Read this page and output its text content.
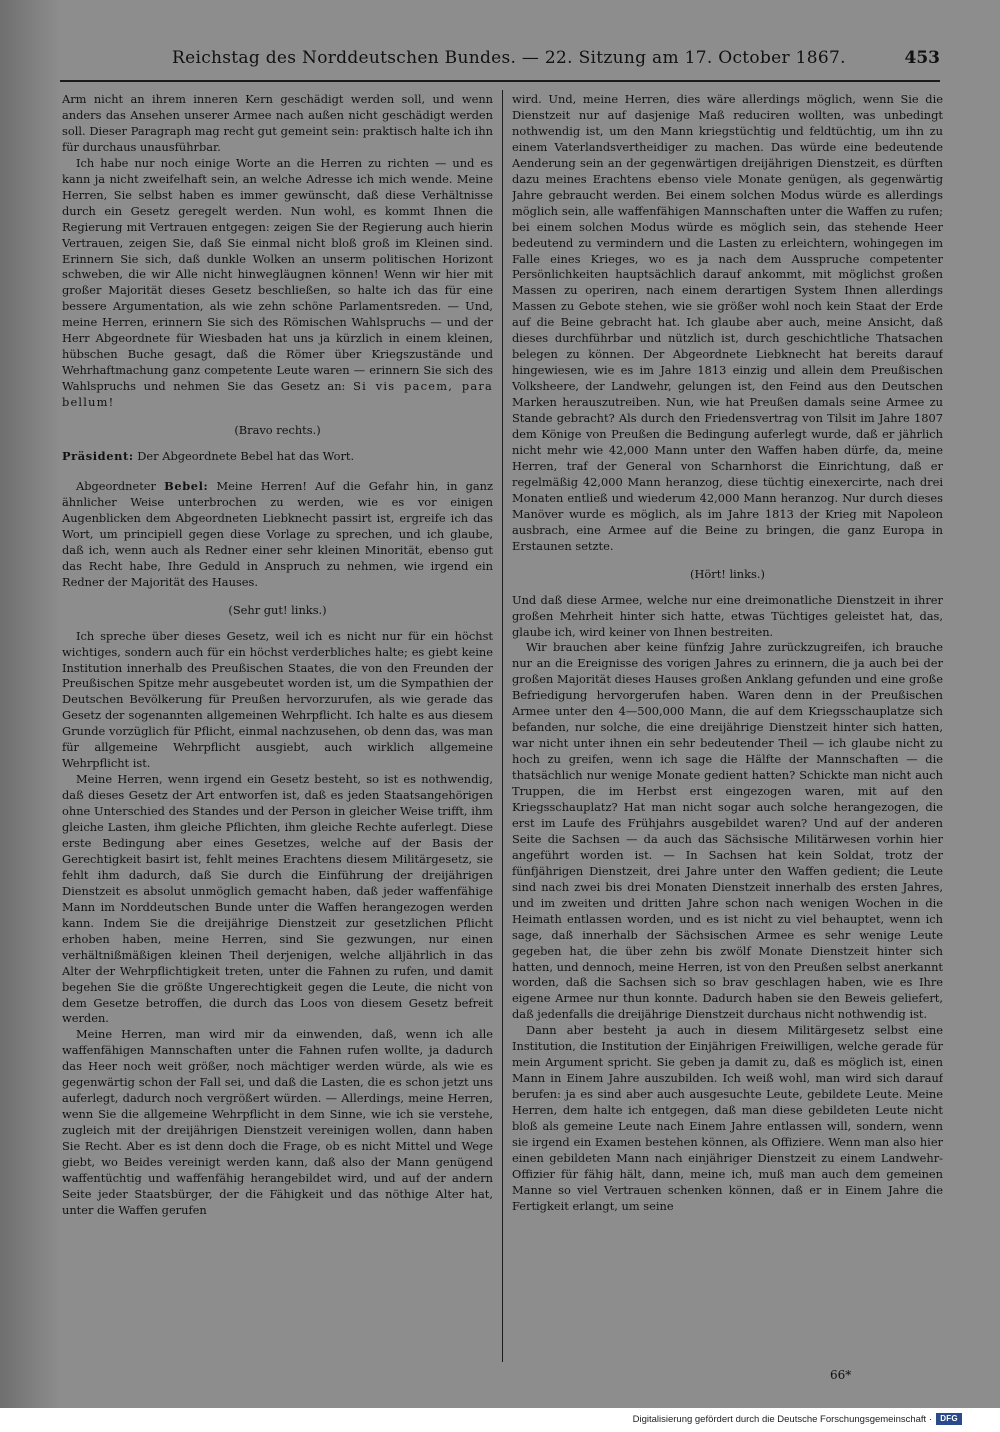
Reichstag des Norddeutschen Bundes. — 22. Sitzung am 17. October 1867.	453

Arm nicht an ihrem inneren Kern geschädigt werden soll, und wenn anders das Ansehen unserer Armee nach außen nicht geschädigt werden soll. Dieser Paragraph mag recht gut gemeint sein: praktisch halte ich ihn für durchaus unausführbar.

Ich habe nur noch einige Worte an die Herren zu richten — und es kann ja nicht zweifelhaft sein, an welche Adresse ich mich wende. Meine Herren, Sie selbst haben es immer gewünscht, daß diese Verhältnisse durch ein Gesetz geregelt werden. Nun wohl, es kommt Ihnen die Regierung mit Vertrauen entgegen: zeigen Sie der Regierung auch hierin Vertrauen, zeigen Sie, daß Sie einmal nicht bloß groß im Kleinen sind. Erinnern Sie sich, daß dunkle Wolken an unserm politischen Horizont schweben, die wir Alle nicht hinwegläugnen können! Wenn wir hier mit großer Majorität dieses Gesetz beschließen, so halte ich das für eine bessere Argumentation, als wie zehn schöne Parlamentsreden. — Und, meine Herren, erinnern Sie sich des Römischen Wahlspruchs — und der Herr Abgeordnete für Wiesbaden hat uns ja kürzlich in einem kleinen, hübschen Buche gesagt, daß die Römer über Kriegszustände und Wehrhaftmachung ganz competente Leute waren — erinnern Sie sich des Wahlspruchs und nehmen Sie das Gesetz an: Si vis pacem, para bellum!

(Bravo rechts.)

Präsident: Der Abgeordnete Bebel hat das Wort.

Abgeordneter Bebel: Meine Herren! Auf die Gefahr hin, in ganz ähnlicher Weise unterbrochen zu werden, wie es vor einigen Augenblicken dem Abgeordneten Liebknecht passirt ist, ergreife ich das Wort, um principiell gegen diese Vorlage zu sprechen, und ich glaube, daß ich, wenn auch als Redner einer sehr kleinen Minorität, ebenso gut das Recht habe, Ihre Geduld in Anspruch zu nehmen, wie irgend ein Redner der Majorität des Hauses.

(Sehr gut! links.)

Ich spreche über dieses Gesetz, weil ich es nicht nur für ein höchst wichtiges, sondern auch für ein höchst verderbliches halte; es giebt keine Institution innerhalb des Preußischen Staates, die von den Freunden der Preußischen Spitze mehr ausgebeutet worden ist, um die Sympathien der Deutschen Bevölkerung für Preußen hervorzurufen, als wie gerade das Gesetz der sogenannten allgemeinen Wehrpflicht. Ich halte es aus diesem Grunde vorzüglich für Pflicht, einmal nachzusehen, ob denn das, was man für allgemeine Wehrpflicht ausgiebt, auch wirklich allgemeine Wehrpflicht ist.

Meine Herren, wenn irgend ein Gesetz besteht, so ist es nothwendig, daß dieses Gesetz der Art entworfen ist, daß es jeden Staatsangehörigen ohne Unterschied des Standes und der Person in gleicher Weise trifft, ihm gleiche Lasten, ihm gleiche Pflichten, ihm gleiche Rechte auferlegt. Diese erste Bedingung aber eines Gesetzes, welche auf der Basis der Gerechtigkeit basirt ist, fehlt meines Erachtens diesem Militärgesetz, sie fehlt ihm dadurch, daß Sie durch die Einführung der dreijährigen Dienstzeit es absolut unmöglich gemacht haben, daß jeder waffenfähige Mann im Norddeutschen Bunde unter die Waffen herangezogen werden kann. Indem Sie die dreijährige Dienstzeit zur gesetzlichen Pflicht erhoben haben, meine Herren, sind Sie gezwungen, nur einen verhältnißmäßigen kleinen Theil derjenigen, welche alljährlich in das Alter der Wehrpflichtigkeit treten, unter die Fahnen zu rufen, und damit begehen Sie die größte Ungerechtigkeit gegen die Leute, die nicht von dem Gesetze betroffen, die durch das Loos von diesem Gesetz befreit werden.

Meine Herren, man wird mir da einwenden, daß, wenn ich alle waffenfähigen Mannschaften unter die Fahnen rufen wollte, ja dadurch das Heer noch weit größer, noch mächtiger werden würde, als wie es gegenwärtig schon der Fall sei, und daß die Lasten, die es schon jetzt uns auferlegt, dadurch noch vergrößert würden. — Allerdings, meine Herren, wenn Sie die allgemeine Wehrpflicht in dem Sinne, wie ich sie verstehe, zugleich mit der dreijährigen Dienstzeit vereinigen wollen, dann haben Sie Recht. Aber es ist denn doch die Frage, ob es nicht Mittel und Wege giebt, wo Beides vereinigt werden kann, daß also der Mann genügend waffentüchtig und waffenfähig herangebildet wird, und auf der andern Seite jeder Staatsbürger, der die Fähigkeit und das nöthige Alter hat, unter die Waffen gerufen

wird. Und, meine Herren, dies wäre allerdings möglich, wenn Sie die Dienstzeit nur auf dasjenige Maß reduciren wollten, was unbedingt nothwendig ist, um den Mann kriegstüchtig und feldtüchtig, um ihn zu einem Vaterlandsvertheidiger zu machen. Das würde eine bedeutende Aenderung sein an der gegenwärtigen dreijährigen Dienstzeit, es dürften dazu meines Erachtens ebenso viele Monate genügen, als gegenwärtig Jahre gebraucht werden. Bei einem solchen Modus würde es allerdings möglich sein, alle waffenfähigen Mannschaften unter die Waffen zu rufen; bei einem solchen Modus würde es möglich sein, das stehende Heer bedeutend zu vermindern und die Lasten zu erleichtern, wohingegen im Falle eines Krieges, wo es ja nach dem Ausspruche competenter Persönlichkeiten hauptsächlich darauf ankommt, mit möglichst großen Massen zu operiren, nach einem derartigen System Ihnen allerdings Massen zu Gebote stehen, wie sie größer wohl noch kein Staat der Erde auf die Beine gebracht hat. Ich glaube aber auch, meine Ansicht, daß dieses durchführbar und nützlich ist, durch geschichtliche Thatsachen belegen zu können. Der Abgeordnete Liebknecht hat bereits darauf hingewiesen, wie es im Jahre 1813 einzig und allein dem Preußischen Volksheere, der Landwehr, gelungen ist, den Feind aus den Deutschen Marken herauszutreiben. Nun, wie hat Preußen damals seine Armee zu Stande gebracht? Als durch den Friedensvertrag von Tilsit im Jahre 1807 dem Könige von Preußen die Bedingung auferlegt wurde, daß er jährlich nicht mehr wie 42,000 Mann unter den Waffen haben dürfe, da, meine Herren, traf der General von Scharnhorst die Einrichtung, daß er regelmäßig 42,000 Mann heranzog, diese tüchtig einexercirte, nach drei Monaten entließ und wiederum 42,000 Mann heranzog. Nur durch dieses Manöver wurde es möglich, als im Jahre 1813 der Krieg mit Napoleon ausbrach, eine Armee auf die Beine zu bringen, die ganz Europa in Erstaunen setzte.

(Hört! links.)

Und daß diese Armee, welche nur eine dreimonatliche Dienstzeit in ihrer großen Mehrheit hinter sich hatte, etwas Tüchtiges geleistet hat, das, glaube ich, wird keiner von Ihnen bestreiten.

Wir brauchen aber keine fünfzig Jahre zurückzugreifen, ich brauche nur an die Ereignisse des vorigen Jahres zu erinnern, die ja auch bei der großen Majorität dieses Hauses großen Anklang gefunden und eine große Befriedigung hervorgerufen haben. Waren denn in der Preußischen Armee unter den 4—500,000 Mann, die auf dem Kriegsschauplatze sich befanden, nur solche, die eine dreijährige Dienstzeit hinter sich hatten, war nicht unter ihnen ein sehr bedeutender Theil — ich glaube nicht zu hoch zu greifen, wenn ich sage die Hälfte der Mannschaften — die thatsächlich nur wenige Monate gedient hatten? Schickte man nicht auch Truppen, die im Herbst erst eingezogen waren, mit auf den Kriegsschauplatz? Hat man nicht sogar auch solche herangezogen, die erst im Laufe des Frühjahrs ausgebildet waren? Und auf der anderen Seite die Sachsen — da auch das Sächsische Militärwesen vorhin hier angeführt worden ist. — In Sachsen hat kein Soldat, trotz der fünfjährigen Dienstzeit, drei Jahre unter den Waffen gedient; die Leute sind nach zwei bis drei Monaten Dienstzeit innerhalb des ersten Jahres, und im zweiten und dritten Jahre schon nach wenigen Wochen in die Heimath entlassen worden, und es ist nicht zu viel behauptet, wenn ich sage, daß innerhalb der Sächsischen Armee es sehr wenige Leute gegeben hat, die über zehn bis zwölf Monate Dienstzeit hinter sich hatten, und dennoch, meine Herren, ist von den Preußen selbst anerkannt worden, daß die Sachsen sich so brav geschlagen haben, wie es Ihre eigene Armee nur thun konnte. Dadurch haben sie den Beweis geliefert, daß jedenfalls die dreijährige Dienstzeit durchaus nicht nothwendig ist.

Dann aber besteht ja auch in diesem Militärgesetz selbst eine Institution, die Institution der Einjährigen Freiwilligen, welche gerade für mein Argument spricht. Sie geben ja damit zu, daß es möglich ist, einen Mann in Einem Jahre auszubilden. Ich weiß wohl, man wird sich darauf berufen: ja es sind aber auch ausgesuchte Leute, gebildete Leute. Meine Herren, dem halte ich entgegen, daß man diese gebildeten Leute nicht bloß als gemeine Leute nach Einem Jahre entlassen will, sondern, wenn sie irgend ein Examen bestehen können, als Offiziere. Wenn man also hier einen gebildeten Mann nach einjähriger Dienstzeit zu einem Landwehr-Offizier für fähig hält, dann, meine ich, muß man auch dem gemeinen Manne so viel Vertrauen schenken können, daß er in Einem Jahre die Fertigkeit erlangt, um seine

66*
Digitalisierung gefördert durch die Deutsche Forschungsgemeinschaft ·	DFG
